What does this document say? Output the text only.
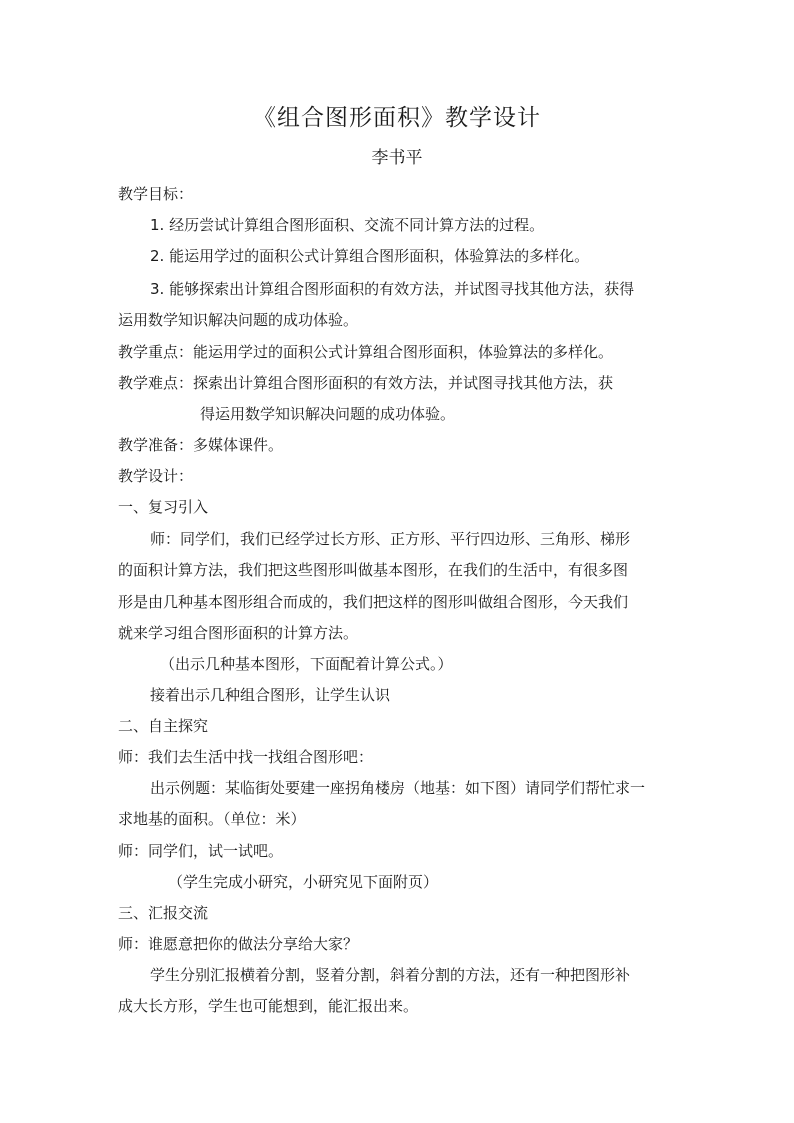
《组合图形面积》教学设计
李书平
教学目标：
1. 经历尝试计算组合图形面积、交流不同计算方法的过程。
2. 能运用学过的面积公式计算组合图形面积，体验算法的多样化。
3. 能够探索出计算组合图形面积的有效方法，并试图寻找其他方法，获得
运用数学知识解决问题的成功体验。
教学重点：能运用学过的面积公式计算组合图形面积，体验算法的多样化。
教学难点：探索出计算组合图形面积的有效方法，并试图寻找其他方法，获
得运用数学知识解决问题的成功体验。
教学准备：多媒体课件。
教学设计：
一、复习引入
师：同学们，我们已经学过长方形、正方形、平行四边形、三角形、梯形
的面积计算方法，我们把这些图形叫做基本图形，在我们的生活中，有很多图
形是由几种基本图形组合而成的，我们把这样的图形叫做组合图形，今天我们
就来学习组合图形面积的计算方法。
（出示几种基本图形，下面配着计算公式。）
接着出示几种组合图形，让学生认识
二、自主探究
师：我们去生活中找一找组合图形吧：
出示例题：某临街处要建一座拐角楼房（地基：如下图）请同学们帮忙求一
求地基的面积。（单位：米）
师：同学们，试一试吧。
（学生完成小研究，小研究见下面附页）
三、汇报交流
师：谁愿意把你的做法分享给大家？
学生分别汇报横着分割，竖着分割，斜着分割的方法，还有一种把图形补
成大长方形，学生也可能想到，能汇报出来。
